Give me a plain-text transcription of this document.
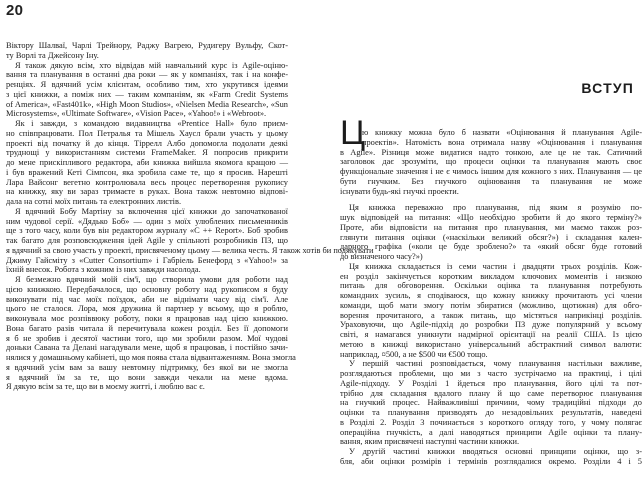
20
Віктору Шалваї, Чарлі Трейнору, Раджу Вагрею, Рудигеру Вульфу, Скот-
ту Ворлі та Джейсону Іну.
Я також дякую всім, хто відвідав мій навчальний курс із Agile-оціню-
вання та планування в останні два роки — як у компаніях, так і на конфе-
ренціях. Я вдячний усім клієнтам, особливо тим, хто укрутився ідеями
з цієї книжки, а поміж них — таким компаніям, як «Farm Credit Systems
of America», «Fast401k», «High Moon Studios», «Nielsen Media Research», «Sun
Microsystems», «Ultimate Software», «Vision Pace», «Yahoo!» і «Webroot».
Як і завжди, з командою видавництва «Prentice Hall» було приєм-
но співпрацювати. Пол Петралья та Мішель Хаусл брали участь у цьому
проекті від початку й до кінця. Тіррелл Албо допомогла подолати деякі
труднощі у використанням системи FrameMaker. Я попросив прикрити
до мене прискіпливого редактора, аби книжка вийшла якомога кращою —
і був вражений Кеті Сімпсон, яка зробила саме те, що я просив. Нарешті
Лара Вайсонг вегетно контролювала весь процес перетворення рукопису
на книжку, яку ви зараз тримаєте в руках. Вона також невтомно відпові-
дала на сотні моїх питань та електронних листів.
Я вдячний Бобу Мартіну за включення цієї книжки до започаткованої
ним чудової серії. «Дядько Боб» — один з моїх улюблених письменників
ще з того часу, коли був він редактором журналу «C ++ Report». Боб зробив
так багато для розповсюдження ідей Agile у спільноті розробників ПЗ, що
я вдячний за свою участь у проекті, присвяченому цьому — велика честь. Я також хотів би подякувати
Джиму Гайсміту з «Cutter Consortium» і Габріель Бенефорд з «Yahoo!» за
їхній внесок. Робота з кожним із них завжди насолода.
Я безмежно вдячний моїй сім'ї, що створила умови для роботи над
цією книжкою. Передбачалося, що основну роботу над рукописом я буду
виконувати під час моїх поїздок, аби не віднімати часу від сім'ї. Але
цього не сталося. Лора, моя дружина й партнер у всьому, що я роблю,
виконувала моє розпіввюку роботу, поки я працював над цією книжкою.
Вона багато разів читала й перечитувала кожен розділ. Без її допомоги
я б не зробив і десятої частини того, що ми зробили разом. Мої чудові
доньки Савана та Делані нагадували мене, щоб я працював, і постійно зачи-
нялися у домашньому кабінеті, що моя поява стала відвантаженням. Вона змогла
я вдячний усім вам за вашу невтомну підтримку, без якої ви не змогла
я вдячний їм за те, що вони завжди чекали на мене вдома.
Я дякую всім за те, що ви в моєму житті, і люблю вас є.
ВСТУП
Ц
ю книжку можна було б назвати «Оцінювання й планування Agile-
проектів». Натомість вона отримала назву «Оцінювання і планування
в Agile». Різниця може видатися надто тонкою, але це не так. Сатичний
заголовок дає зрозуміти, що процеси оцінки та планування мають своє
функціональне значення і не є чимось іншим для кожного з них. Планування — це
бути гнучким. Без гнучкого оцінювання та планування не може
існувати будь-які гнучкі проекти.
Ця книжка переважно про планування, під яким я розумію по-
шук відповідей на питання: «Що необхідно зробити й до якого терміну?»
Проте, аби відповісти на питання про планування, ми маємо також роз-
глянути питання оцінки («наскільки великий обсяг?») і складання кален-
дарного графіка («коли це буде зроблено?» та «який обсяг буде готовий
до визначеного часу?»)
Ця книжка складається із семи частин і двадцяти трьох розділів. Кож-
ен розділ закінчується коротким викладом ключових моментів і низкою
питань для обговорення. Оскільки оцінка та планування потребують
командних зусиль, я сподіваюся, що кожну книжку прочитають усі члени
команди, щоб мати змогу потім збиратися (можливо, щотижня) для обго-
ворення прочитаного, а також питань, що містяться наприкінці розділів.
Ураховуючи, що Agile-підхід до розробки ПЗ дуже популярний у всьому
світі, я намагався уникнути надмірної орієнтації на реалії США. Із цією
метою в книжці використано універсальний абстрактний символ валюти:
наприклад, ¤500, а не $500 чи €500 тощо.
У першій частині розповідається, чому планування настільки важливе,
розглядаються проблеми, що ми з часто зустрічаємо на практиці, і цілі
Agile-підходу. У Розділі 1 йдеться про планування, його цілі та пот-
трібно для складання вдалого плану й що саме перетворює планування
на гнучкий процес. Найважливіші причини, чому традиційні підходи до
оцінки та планування призводять до незадовільних результатів, наведені
в Розділі 2. Розділ 3 починається з короткого огляду того, у чому полягає
операційна гнучкість, а далі наводяться принципи Agile оцінки та плану-
вання, яким присвячені наступні частини книжки.
У другій частині книжки вводяться основні принципи оцінки, що з-
бля, аби оцінки розмірів і термінів розглядалися окремо. Розділи 4 і 5
